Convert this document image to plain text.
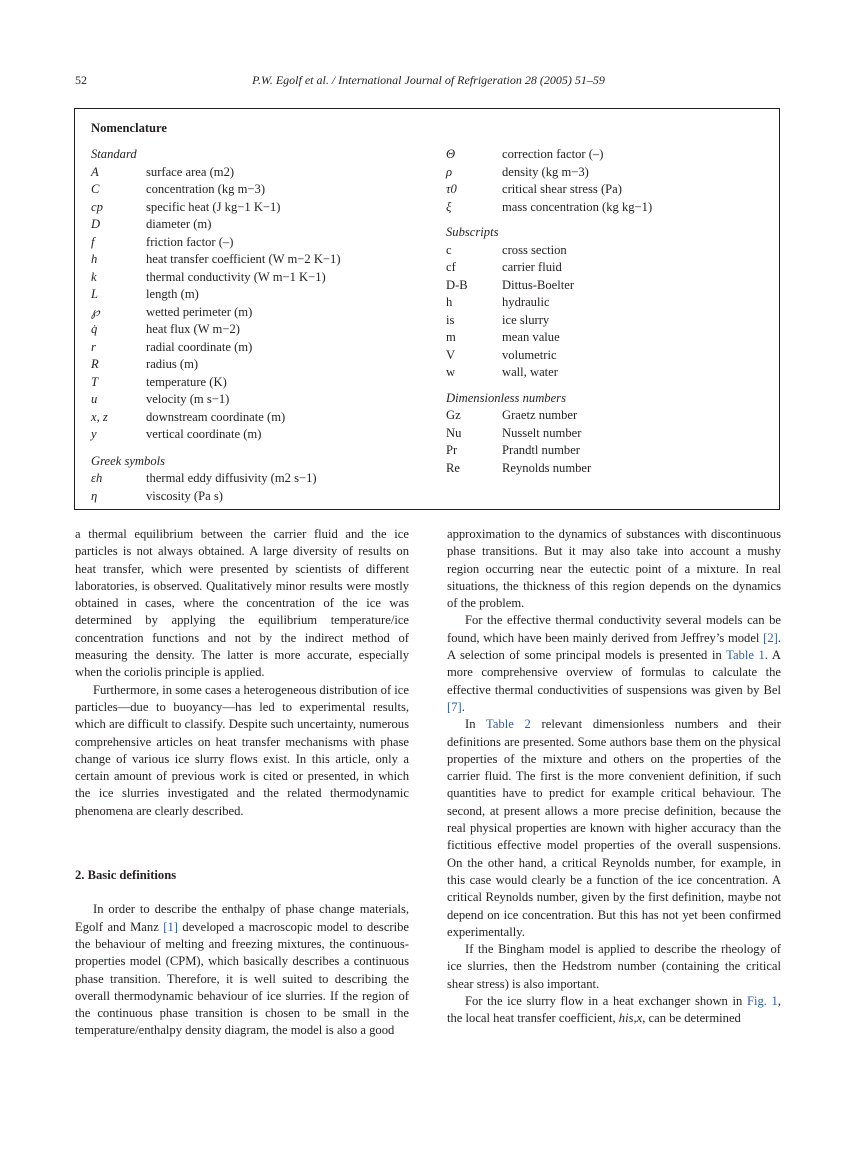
52	P.W. Egolf et al. / International Journal of Refrigeration 28 (2005) 51–59
Nomenclature
Standard
A	surface area (m2)
C	concentration (kg m−3)
cp	specific heat (J kg−1 K−1)
D	diameter (m)
f	friction factor (–)
h	heat transfer coefficient (W m−2 K−1)
k	thermal conductivity (W m−1 K−1)
L	length (m)
℘	wetted perimeter (m)
q̇	heat flux (W m−2)
r	radial coordinate (m)
R	radius (m)
T	temperature (K)
u	velocity (m s−1)
x, z	downstream coordinate (m)
y	vertical coordinate (m)
Greek symbols
εh	thermal eddy diffusivity (m2 s−1)
η	viscosity (Pa s)
Θ	correction factor (–)
ρ	density (kg m−3)
τ0	critical shear stress (Pa)
ξ	mass concentration (kg kg−1)
Subscripts
c	cross section
cf	carrier fluid
D-B	Dittus-Boelter
h	hydraulic
is	ice slurry
m	mean value
V	volumetric
w	wall, water
Dimensionless numbers
Gz	Graetz number
Nu	Nusselt number
Pr	Prandtl number
Re	Reynolds number

a thermal equilibrium between the carrier fluid and the ice particles is not always obtained. A large diversity of results on heat transfer, which were presented by scientists of different laboratories, is observed. Qualitatively minor results were mostly obtained in cases, where the concentration of the ice was determined by applying the equilibrium temperature/ice concentration functions and not by the indirect method of measuring the density. The latter is more accurate, especially when the coriolis principle is applied.

Furthermore, in some cases a heterogeneous distribution of ice particles—due to buoyancy—has led to experimental results, which are difficult to classify. Despite such uncertainty, numerous comprehensive articles on heat transfer mechanisms with phase change of various ice slurry flows exist. In this article, only a certain amount of previous work is cited or presented, in which the ice slurries investigated and the related thermodynamic phenomena are clearly described.

2. Basic definitions

In order to describe the enthalpy of phase change materials, Egolf and Manz [1] developed a macroscopic model to describe the behaviour of melting and freezing mixtures, the continuous-properties model (CPM), which basically describes a continuous phase transition. Therefore, it is well suited to describing the overall thermodynamic behaviour of ice slurries. If the region of the continuous phase transition is chosen to be small in the temperature/enthalpy density diagram, the model is also a good

approximation to the dynamics of substances with discontinuous phase transitions. But it may also take into account a mushy region occurring near the eutectic point of a mixture. In real situations, the thickness of this region depends on the dynamics of the problem.

For the effective thermal conductivity several models can be found, which have been mainly derived from Jeffrey’s model [2]. A selection of some principal models is presented in Table 1. A more comprehensive overview of formulas to calculate the effective thermal conductivities of suspensions was given by Bel [7].

In Table 2 relevant dimensionless numbers and their definitions are presented. Some authors base them on the physical properties of the mixture and others on the properties of the carrier fluid. The first is the more convenient definition, if such quantities have to predict for example critical behaviour. The second, at present allows a more precise definition, because the real physical properties are known with higher accuracy than the fictitious effective model properties of the overall suspensions. On the other hand, a critical Reynolds number, for example, in this case would clearly be a function of the ice concentration. A critical Reynolds number, given by the first definition, maybe not depend on ice concentration. But this has not yet been confirmed experimentally.

If the Bingham model is applied to describe the rheology of ice slurries, then the Hedstrom number (containing the critical shear stress) is also important.

For the ice slurry flow in a heat exchanger shown in Fig. 1, the local heat transfer coefficient, his,x, can be determined
